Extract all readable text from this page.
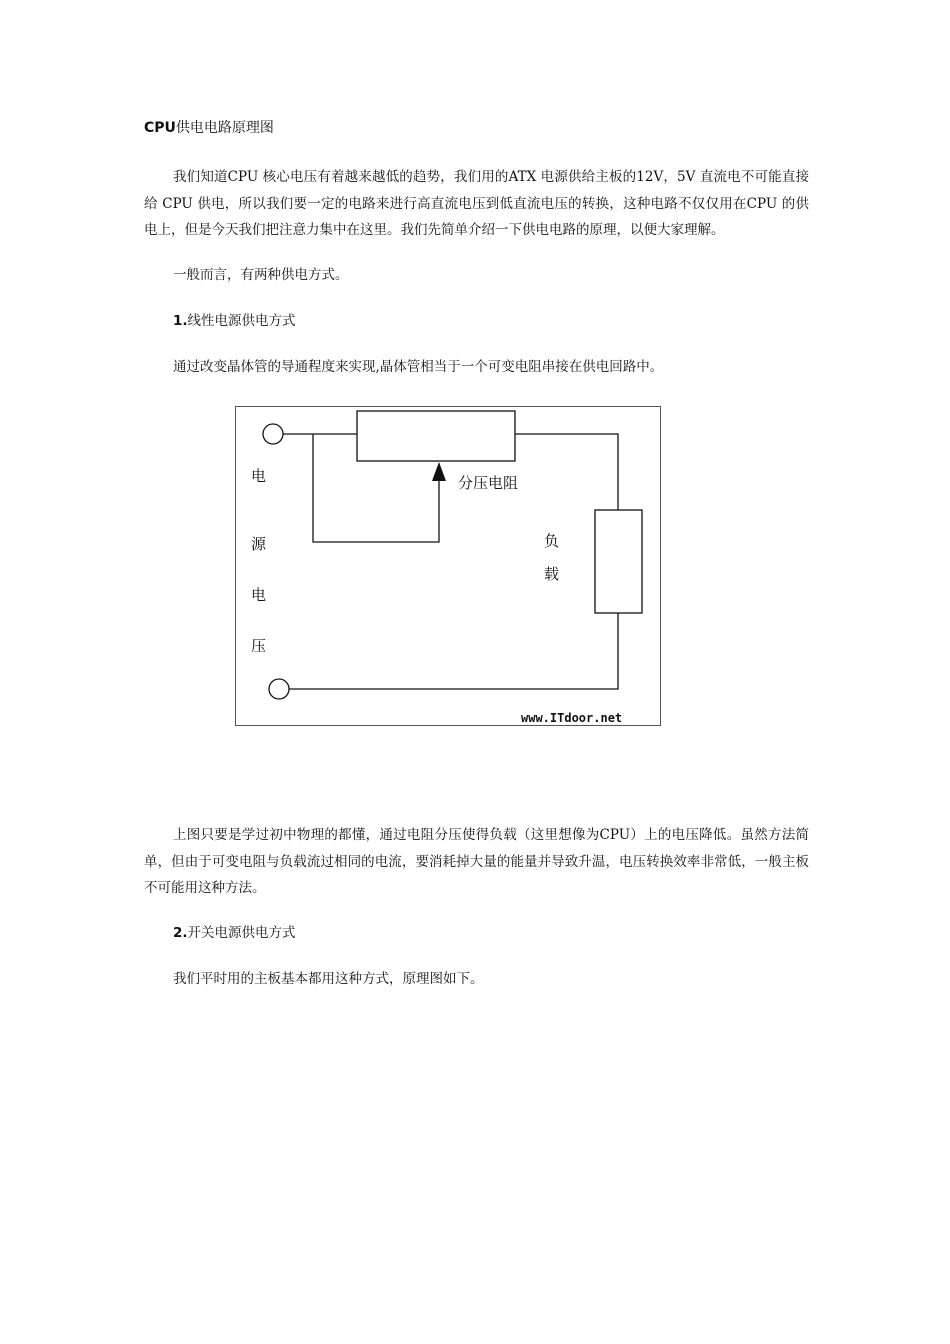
CPU供电电路原理图

我们知道CPU 核心电压有着越来越低的趋势，我们用的ATX 电源供给主板的12V，5V 直流电不可能直接给 CPU 供电，所以我们要一定的电路来进行高直流电压到低直流电压的转换，这种电路不仅仅用在CPU 的供电上，但是今天我们把注意力集中在这里。我们先简单介绍一下供电电路的原理，以便大家理解。

一般而言，有两种供电方式。

1.线性电源供电方式

通过改变晶体管的导通程度来实现,晶体管相当于一个可变电阻串接在供电回路中。

分压电阻
电
源
电
压
负
载
www.ITdoor.net

上图只要是学过初中物理的都懂，通过电阻分压使得负载（这里想像为CPU）上的电压降低。虽然方法简单，但由于可变电阻与负载流过相同的电流，要消耗掉大量的能量并导致升温，电压转换效率非常低，一般主板不可能用这种方法。

2.开关电源供电方式

我们平时用的主板基本都用这种方式，原理图如下。
